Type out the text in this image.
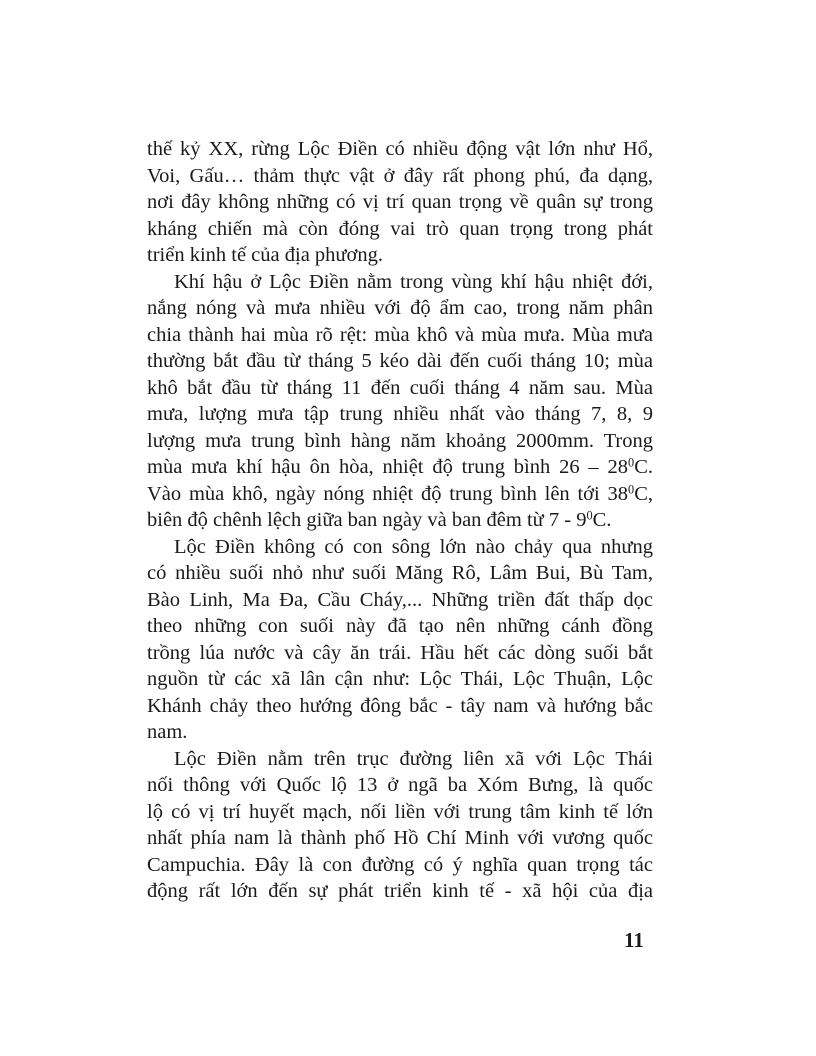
thế kỷ XX, rừng Lộc Điền có nhiều động vật lớn như Hổ,
Voi, Gấu… thảm thực vật ở đây rất phong phú, đa dạng,
nơi đây không những có vị trí quan trọng về quân sự trong
kháng chiến mà còn đóng vai trò quan trọng trong phát
triển kinh tế của địa phương.
Khí hậu ở Lộc Điền nằm trong vùng khí hậu nhiệt đới,
nắng nóng và mưa nhiều với độ ẩm cao, trong năm phân
chia thành hai mùa rõ rệt: mùa khô và mùa mưa. Mùa mưa
thường bắt đầu từ tháng 5 kéo dài đến cuối tháng 10; mùa
khô bắt đầu từ tháng 11 đến cuối tháng 4 năm sau. Mùa
mưa, lượng mưa tập trung nhiều nhất vào tháng 7, 8, 9
lượng mưa trung bình hàng năm khoảng 2000mm. Trong
mùa mưa khí hậu ôn hòa, nhiệt độ trung bình $26 - 28^0C$.
Vào mùa khô, ngày nóng nhiệt độ trung bình lên tới $38^0C$,
biên độ chênh lệch giữa ban ngày và ban đêm từ $7 - 9^0C$.
Lộc Điền không có con sông lớn nào chảy qua nhưng
có nhiều suối nhỏ như suối Măng Rô, Lâm Bui, Bù Tam,
Bào Linh, Ma Đa, Cầu Cháy,... Những triền đất thấp dọc
theo những con suối này đã tạo nên những cánh đồng
trồng lúa nước và cây ăn trái. Hầu hết các dòng suối bắt
nguồn từ các xã lân cận như: Lộc Thái, Lộc Thuận, Lộc
Khánh chảy theo hướng đông bắc - tây nam và hướng bắc
nam.
Lộc Điền nằm trên trục đường liên xã với Lộc Thái
nối thông với Quốc lộ 13 ở ngã ba Xóm Bưng, là quốc
lộ có vị trí huyết mạch, nối liền với trung tâm kinh tế lớn
nhất phía nam là thành phố Hồ Chí Minh với vương quốc
Campuchia. Đây là con đường có ý nghĩa quan trọng tác
động rất lớn đến sự phát triển kinh tế - xã hội của địa
11
